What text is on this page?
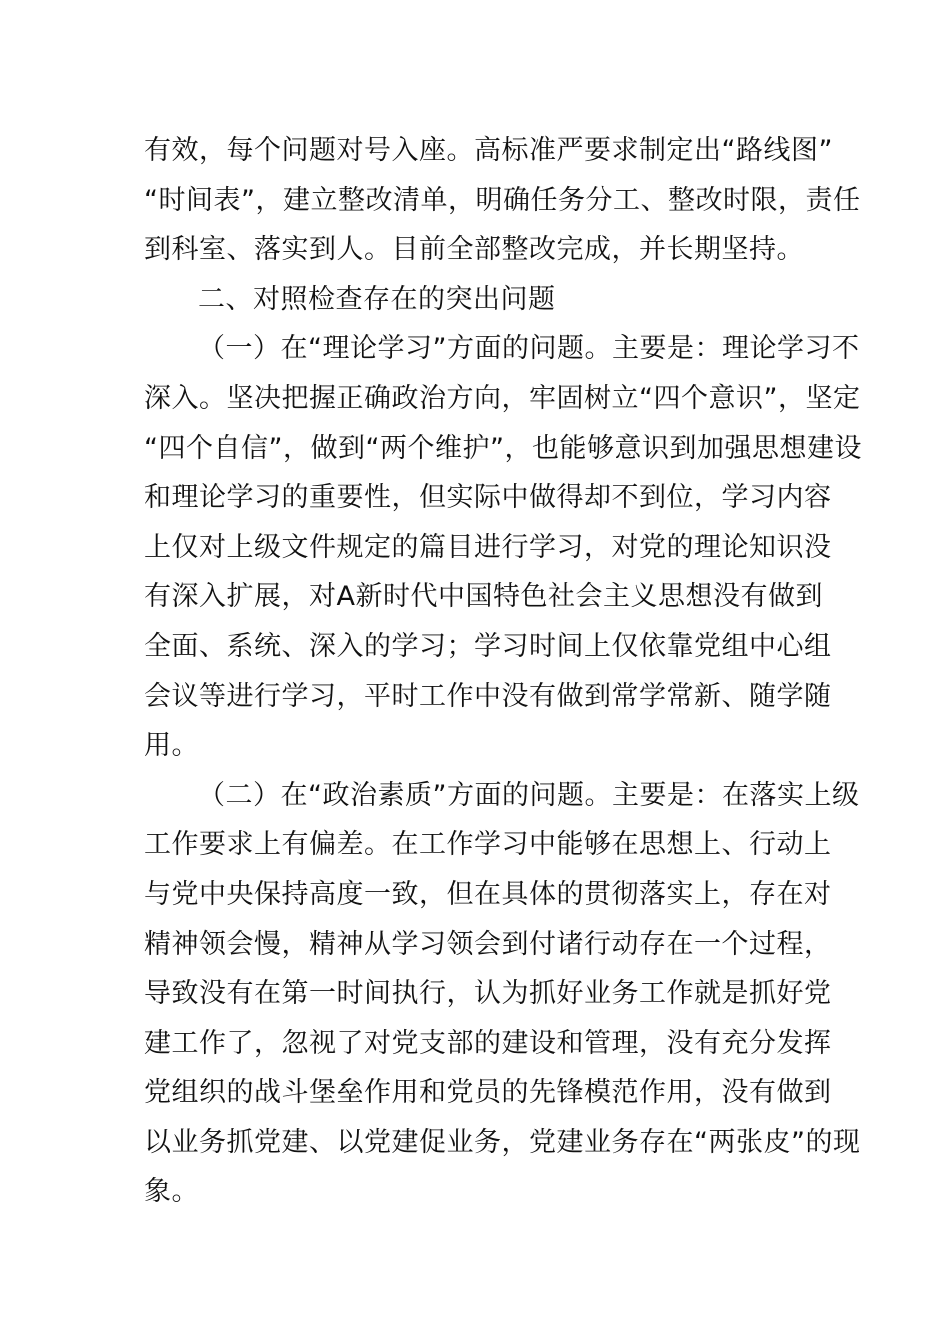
有效，每个问题对号入座。高标准严要求制定出“路线图”
“时间表”，建立整改清单，明确任务分工、整改时限，责任
到科室、落实到人。目前全部整改完成，并长期坚持。
二、对照检查存在的突出问题
（一）在“理论学习”方面的问题。主要是：理论学习不
深入。坚决把握正确政治方向，牢固树立“四个意识”，坚定
“四个自信”，做到“两个维护”，也能够意识到加强思想建设
和理论学习的重要性，但实际中做得却不到位，学习内容
上仅对上级文件规定的篇目进行学习，对党的理论知识没
有深入扩展，对A新时代中国特色社会主义思想没有做到
全面、系统、深入的学习；学习时间上仅依靠党组中心组
会议等进行学习，平时工作中没有做到常学常新、随学随
用。
（二）在“政治素质”方面的问题。主要是：在落实上级
工作要求上有偏差。在工作学习中能够在思想上、行动上
与党中央保持高度一致，但在具体的贯彻落实上，存在对
精神领会慢，精神从学习领会到付诸行动存在一个过程，
导致没有在第一时间执行，认为抓好业务工作就是抓好党
建工作了，忽视了对党支部的建设和管理，没有充分发挥
党组织的战斗堡垒作用和党员的先锋模范作用，没有做到
以业务抓党建、以党建促业务，党建业务存在“两张皮”的现
象。
